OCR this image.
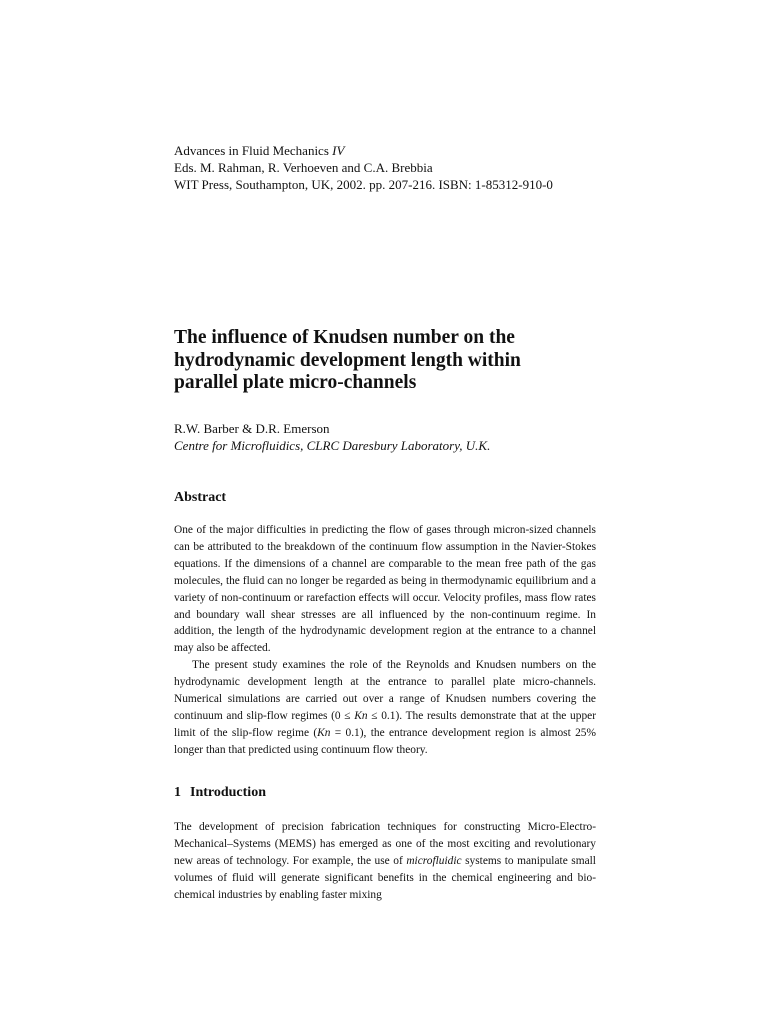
Advances in Fluid Mechanics IV
Eds. M. Rahman, R. Verhoeven and C.A. Brebbia
WIT Press, Southampton, UK, 2002. pp. 207-216. ISBN: 1-85312-910-0
The influence of Knudsen number on the
hydrodynamic development length within
parallel plate micro-channels
R.W. Barber & D.R. Emerson
Centre for Microfluidics, CLRC Daresbury Laboratory, U.K.
Abstract

One of the major difficulties in predicting the flow of gases through micron-sized channels can be attributed to the breakdown of the continuum flow assumption in the Navier-Stokes equations. If the dimensions of a channel are comparable to the mean free path of the gas molecules, the fluid can no longer be regarded as being in thermodynamic equilibrium and a variety of non-continuum or rarefaction effects will occur. Velocity profiles, mass flow rates and boundary wall shear stresses are all influenced by the non-continuum regime. In addition, the length of the hydrodynamic development region at the entrance to a channel may also be affected.

The present study examines the role of the Reynolds and Knudsen numbers on the hydrodynamic development length at the entrance to parallel plate micro-channels. Numerical simulations are carried out over a range of Knudsen numbers covering the continuum and slip-flow regimes (0 ≤ Kn ≤ 0.1). The results demonstrate that at the upper limit of the slip-flow regime (Kn = 0.1), the entrance development region is almost 25% longer than that predicted using continuum flow theory.

1 Introduction

The development of precision fabrication techniques for constructing Micro-Electro-Mechanical–Systems (MEMS) has emerged as one of the most exciting and revolutionary new areas of technology. For example, the use of microfluidic systems to manipulate small volumes of fluid will generate significant benefits in the chemical engineering and bio-chemical industries by enabling faster mixing
